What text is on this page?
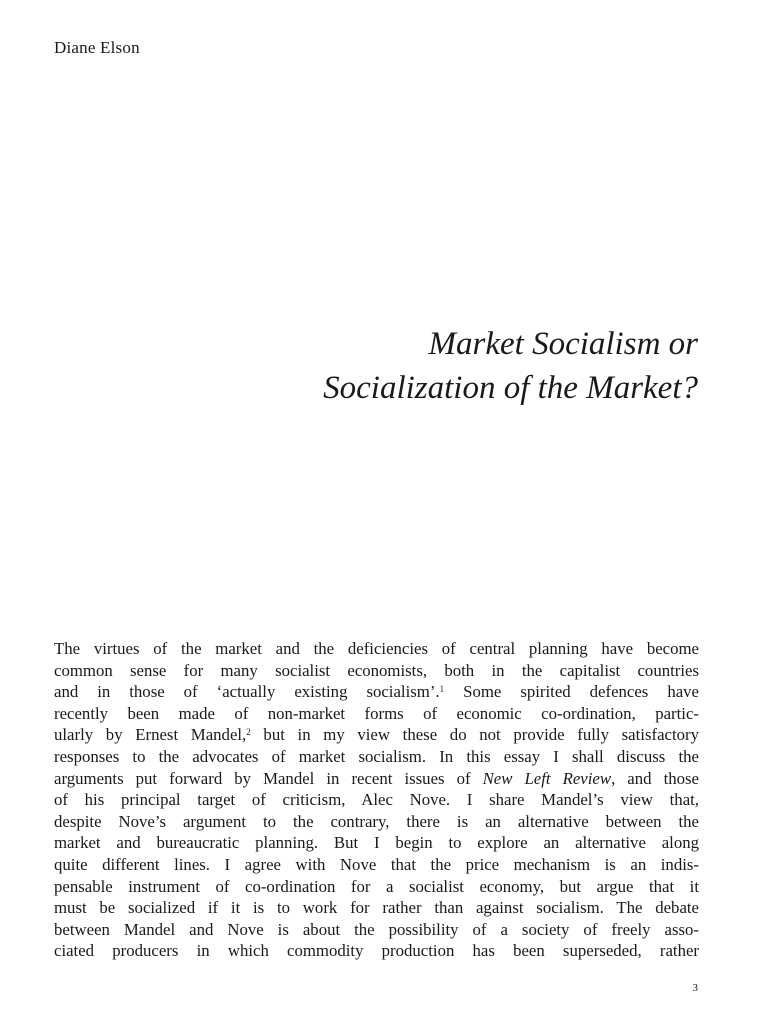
Diane Elson
Market Socialism or
Socialization of the Market?
The virtues of the market and the deficiencies of central planning have become
common sense for many socialist economists, both in the capitalist countries
and in those of ‘actually existing socialism’.$^1$ Some spirited defences have
recently been made of non-market forms of economic co-ordination, partic-
ularly by Ernest Mandel,$^2$ but in my view these do not provide fully satisfactory
responses to the advocates of market socialism. In this essay I shall discuss the
arguments put forward by Mandel in recent issues of New Left Review, and those
of his principal target of criticism, Alec Nove. I share Mandel’s view that,
despite Nove’s argument to the contrary, there is an alternative between the
market and bureaucratic planning. But I begin to explore an alternative along
quite different lines. I agree with Nove that the price mechanism is an indis-
pensable instrument of co-ordination for a socialist economy, but argue that it
must be socialized if it is to work for rather than against socialism. The debate
between Mandel and Nove is about the possibility of a society of freely asso-
ciated producers in which commodity production has been superseded, rather
3
